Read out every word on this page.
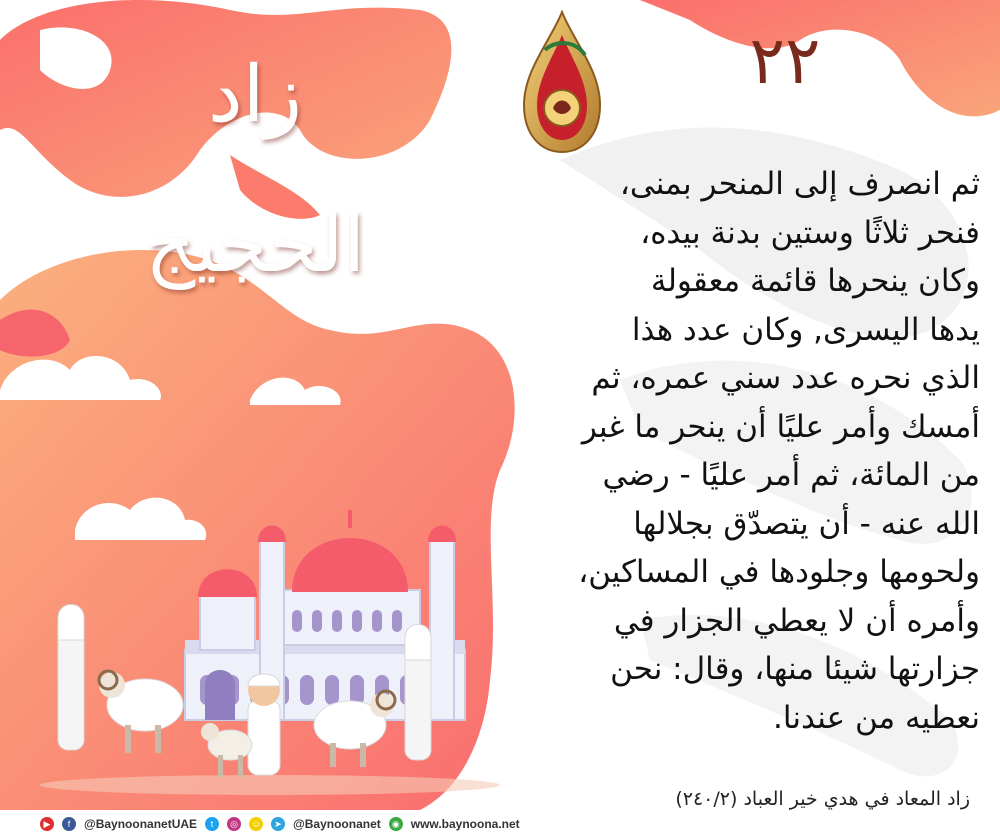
زاد الحجيج
٢٢
ثم انصرف إلى المنحر بمنى،
فنحر ثلاثًا وستين بدنة بيده،
وكان ينحرها قائمة معقولة
يدها اليسرى, وكان عدد هذا
الذي نحره عدد سني عمره، ثم
أمسك وأمر عليًا أن ينحر ما غبر
من المائة، ثم أمر عليًا - رضي
الله عنه - أن يتصدّق بجلالها
ولحومها وجلودها في المساكين،
وأمره أن لا يعطي الجزار في
جزارتها شيئا منها، وقال: نحن
نعطيه من عندنا.
زاد المعاد في هدي خير العباد (٢٤٠/٢)
▶	f	@BaynoonanetUAE	t	◎	☺	➤ @Baynoonanet	◉ www.baynoona.net
